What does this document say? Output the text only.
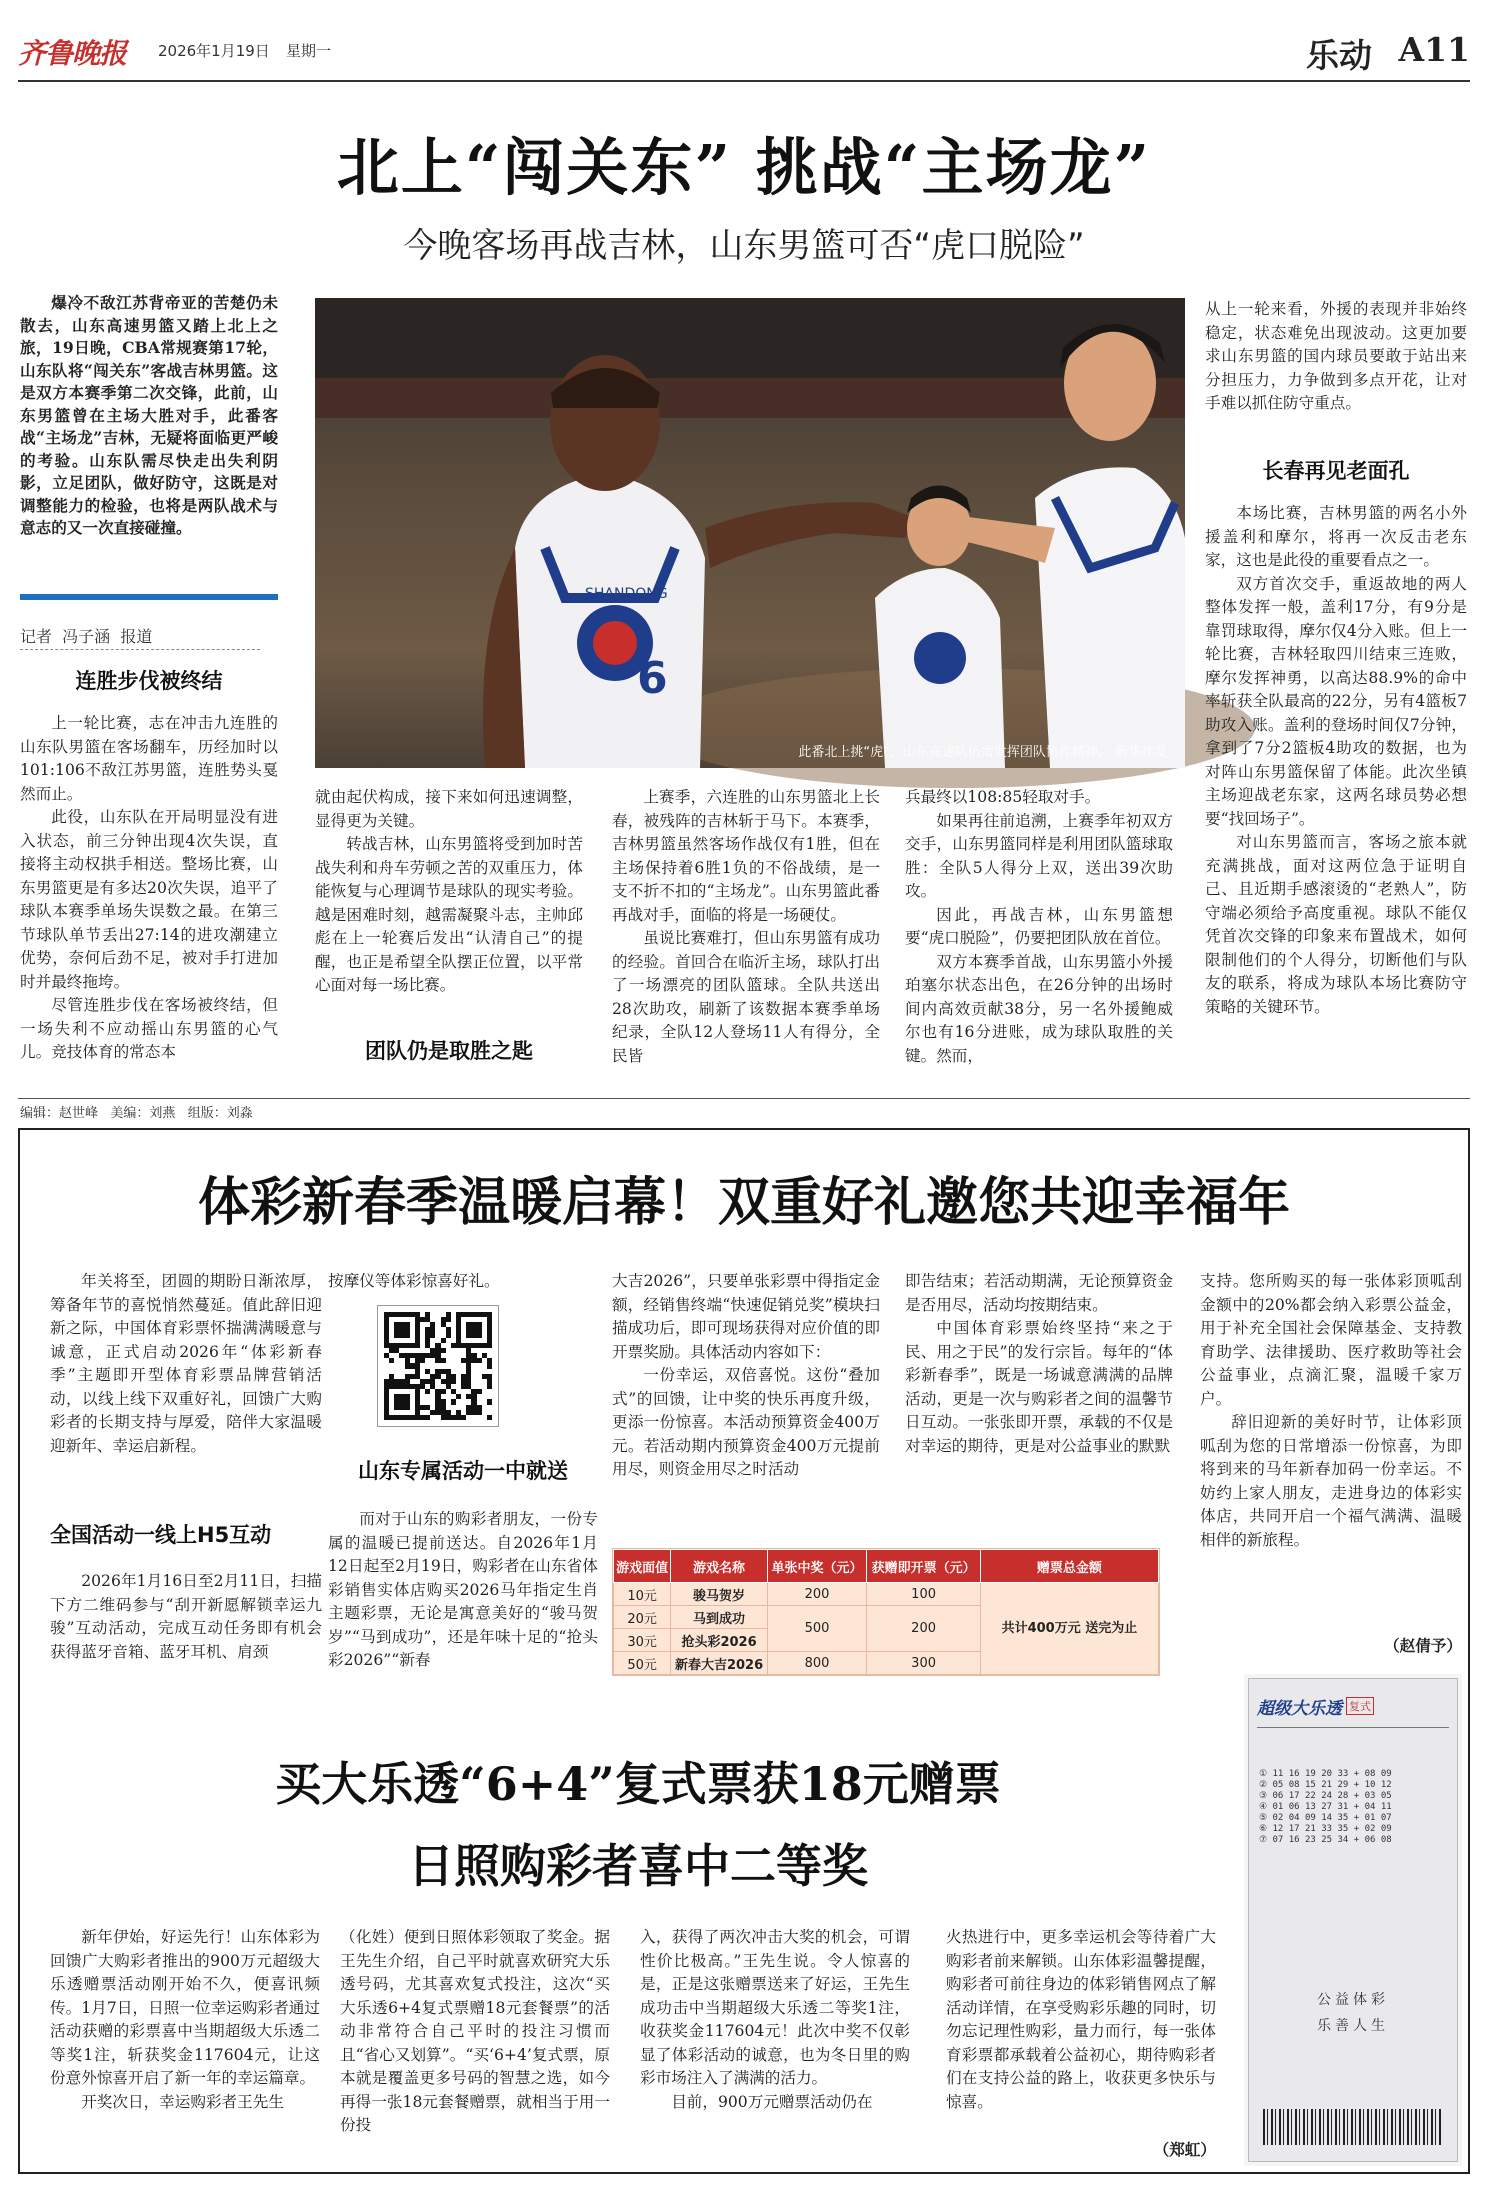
齐鲁晚报 2026年1月19日 星期一	乐动 A11
北上“闯关东” 挑战“主场龙”
今晚客场再战吉林，山东男篮可否“虎口脱险”
爆冷不敌江苏背帝亚的苦楚仍未散去，山东高速男篮又踏上北上之旅，19日晚，CBA常规赛第17轮，山东队将“闯关东”客战吉林男篮。这是双方本赛季第二次交锋，此前，山东男篮曾在主场大胜对手，此番客战“主场龙”吉林，无疑将面临更严峻的考验。山东队需尽快走出失利阴影，立足团队，做好防守，这既是对调整能力的检验，也将是两队战术与意志的又一次直接碰撞。
记者  冯子涵  报道
连胜步伐被终结

上一轮比赛，志在冲击九连胜的山东队男篮在客场翻车，历经加时以101:106不敌江苏男篮，连胜势头戛然而止。

此役，山东队在开局明显没有进入状态，前三分钟出现4次失误，直接将主动权拱手相送。整场比赛，山东男篮更是有多达20次失误，追平了球队本赛季单场失误数之最。在第三节球队单节丢出27:14的进攻潮建立优势，奈何后劲不足，被对手打进加时并最终拖垮。

尽管连胜步伐在客场被终结，但一场失利不应动摇山东男篮的心气儿。竞技体育的常态本

6
SHANDONG
此番北上挑“虎”，山东高速队仍需发挥团队协作精神。 新华社发

就由起伏构成，接下来如何迅速调整，显得更为关键。

转战吉林，山东男篮将受到加时苦战失利和舟车劳顿之苦的双重压力，体能恢复与心理调节是球队的现实考验。越是困难时刻，越需凝聚斗志，主帅邱彪在上一轮赛后发出“认清自己”的提醒，也正是希望全队摆正位置，以平常心面对每一场比赛。

团队仍是取胜之匙

上赛季，六连胜的山东男篮北上长春，被残阵的吉林斩于马下。本赛季，吉林男篮虽然客场作战仅有1胜，但在主场保持着6胜1负的不俗战绩，是一支不折不扣的“主场龙”。山东男篮此番再战对手，面临的将是一场硬仗。

虽说比赛难打，但山东男篮有成功的经验。首回合在临沂主场，球队打出了一场漂亮的团队篮球。全队共送出28次助攻，刷新了该数据本赛季单场纪录，全队12人登场11人有得分，全民皆

兵最终以108:85轻取对手。

如果再往前追溯，上赛季年初双方交手，山东男篮同样是利用团队篮球取胜：全队5人得分上双，送出39次助攻。

因此，再战吉林，山东男篮想要“虎口脱险”，仍要把团队放在首位。

双方本赛季首战，山东男篮小外援珀塞尔状态出色，在26分钟的出场时间内高效贡献38分，另一名外援鲍威尔也有16分进账，成为球队取胜的关键。然而，

从上一轮来看，外援的表现并非始终稳定，状态难免出现波动。这更加要求山东男篮的国内球员要敢于站出来分担压力，力争做到多点开花，让对手难以抓住防守重点。

长春再见老面孔

本场比赛，吉林男篮的两名小外援盖利和摩尔，将再一次反击老东家，这也是此役的重要看点之一。

双方首次交手，重返故地的两人整体发挥一般，盖利17分，有9分是靠罚球取得，摩尔仅4分入账。但上一轮比赛，吉林轻取四川结束三连败，摩尔发挥神勇，以高达88.9%的命中率斩获全队最高的22分，另有4篮板7助攻入账。盖利的登场时间仅7分钟，拿到了7分2篮板4助攻的数据，也为对阵山东男篮保留了体能。此次坐镇主场迎战老东家，这两名球员势必想要“找回场子”。

对山东男篮而言，客场之旅本就充满挑战，面对这两位急于证明自己、且近期手感滚烫的“老熟人”，防守端必须给予高度重视。球队不能仅凭首次交锋的印象来布置战术，如何限制他们的个人得分，切断他们与队友的联系，将成为球队本场比赛防守策略的关键环节。

编辑：赵世峰   美编：刘燕   组版：刘淼
体彩新春季温暖启幕！双重好礼邀您共迎幸福年

年关将至，团圆的期盼日渐浓厚，筹备年节的喜悦悄然蔓延。值此辞旧迎新之际，中国体育彩票怀揣满满暖意与诚意，正式启动2026年“体彩新春季”主题即开型体育彩票品牌营销活动，以线上线下双重好礼，回馈广大购彩者的长期支持与厚爱，陪伴大家温暖迎新年、幸运启新程。

全国活动一线上H5互动

2026年1月16日至2月11日，扫描下方二维码参与“刮开新愿解锁幸运九骏”互动活动，完成互动任务即有机会获得蓝牙音箱、蓝牙耳机、肩颈

按摩仪等体彩惊喜好礼。

山东专属活动一中就送

而对于山东的购彩者朋友，一份专属的温暖已提前送达。自2026年1月12日起至2月19日，购彩者在山东省体彩销售实体店购买2026马年指定生肖主题彩票，无论是寓意美好的“骏马贺岁”“马到成功”，还是年味十足的“抢头彩2026”“新春

大吉2026”，只要单张彩票中得指定金额，经销售终端“快速促销兑奖”模块扫描成功后，即可现场获得对应价值的即开票奖励。具体活动内容如下：

一份幸运，双倍喜悦。这份“叠加式”的回馈，让中奖的快乐再度升级，更添一份惊喜。本活动预算资金400万元。若活动期内预算资金400万元提前用尽，则资金用尽之时活动

即告结束；若活动期满，无论预算资金是否用尽，活动均按期结束。

中国体育彩票始终坚持“来之于民、用之于民”的发行宗旨。每年的“体彩新春季”，既是一场诚意满满的品牌活动，更是一次与购彩者之间的温馨节日互动。一张张即开票，承载的不仅是对幸运的期待，更是对公益事业的默默

支持。您所购买的每一张体彩顶呱刮金额中的20%都会纳入彩票公益金，用于补充全国社会保障基金、支持教育助学、法律援助、医疗救助等社会公益事业，点滴汇聚，温暖千家万户。

辞旧迎新的美好时节，让体彩顶呱刮为您的日常增添一份惊喜，为即将到来的马年新春加码一份幸运。不妨约上家人朋友，走进身边的体彩实体店，共同开启一个福气满满、温暖相伴的新旅程。

（赵倩予）
游戏面值	游戏名称	单张中奖（元）	获赠即开票（元）	赠票总金额
10元	骏马贺岁	200	100	共计400万元 送完为止
20元	马到成功	500	200	
30元	抢头彩2026			
50元	新春大吉2026	800	300	
买大乐透“6+4”复式票获18元赠票
日照购彩者喜中二等奖

新年伊始，好运先行！山东体彩为回馈广大购彩者推出的900万元超级大乐透赠票活动刚开始不久，便喜讯频传。1月7日，日照一位幸运购彩者通过活动获赠的彩票喜中当期超级大乐透二等奖1注，斩获奖金117604元，让这份意外惊喜开启了新一年的幸运篇章。

开奖次日，幸运购彩者王先生

（化姓）便到日照体彩领取了奖金。据王先生介绍，自己平时就喜欢研究大乐透号码，尤其喜欢复式投注，这次“买大乐透6+4复式票赠18元套餐票”的活动非常符合自己平时的投注习惯而且“省心又划算”。“买‘6+4’复式票，原本就是覆盖更多号码的智慧之选，如今再得一张18元套餐赠票，就相当于用一份投

入，获得了两次冲击大奖的机会，可谓性价比极高。”王先生说。令人惊喜的是，正是这张赠票送来了好运，王先生成功击中当期超级大乐透二等奖1注，收获奖金117604元！此次中奖不仅彰显了体彩活动的诚意，也为冬日里的购彩市场注入了满满的活力。

目前，900万元赠票活动仍在

火热进行中，更多幸运机会等待着广大购彩者前来解锁。山东体彩温馨提醒，购彩者可前往身边的体彩销售网点了解活动详情，在享受购彩乐趣的同时，切勿忘记理性购彩，量力而行，每一张体育彩票都承载着公益初心，期待购彩者们在支持公益的路上，收获更多快乐与惊喜。

（郑虹）
超级大乐透 复式
① 11 16 19 20 33 + 08 09
② 05 08 15 21 29 + 10 12
③ 06 17 22 24 28 + 03 05
④ 01 06 13 27 31 + 04 11
⑤ 02 04 09 14 35 + 01 07
⑥ 12 17 21 33 35 + 02 09
⑦ 07 16 23 25 34 + 06 08
公益体彩
乐善人生
